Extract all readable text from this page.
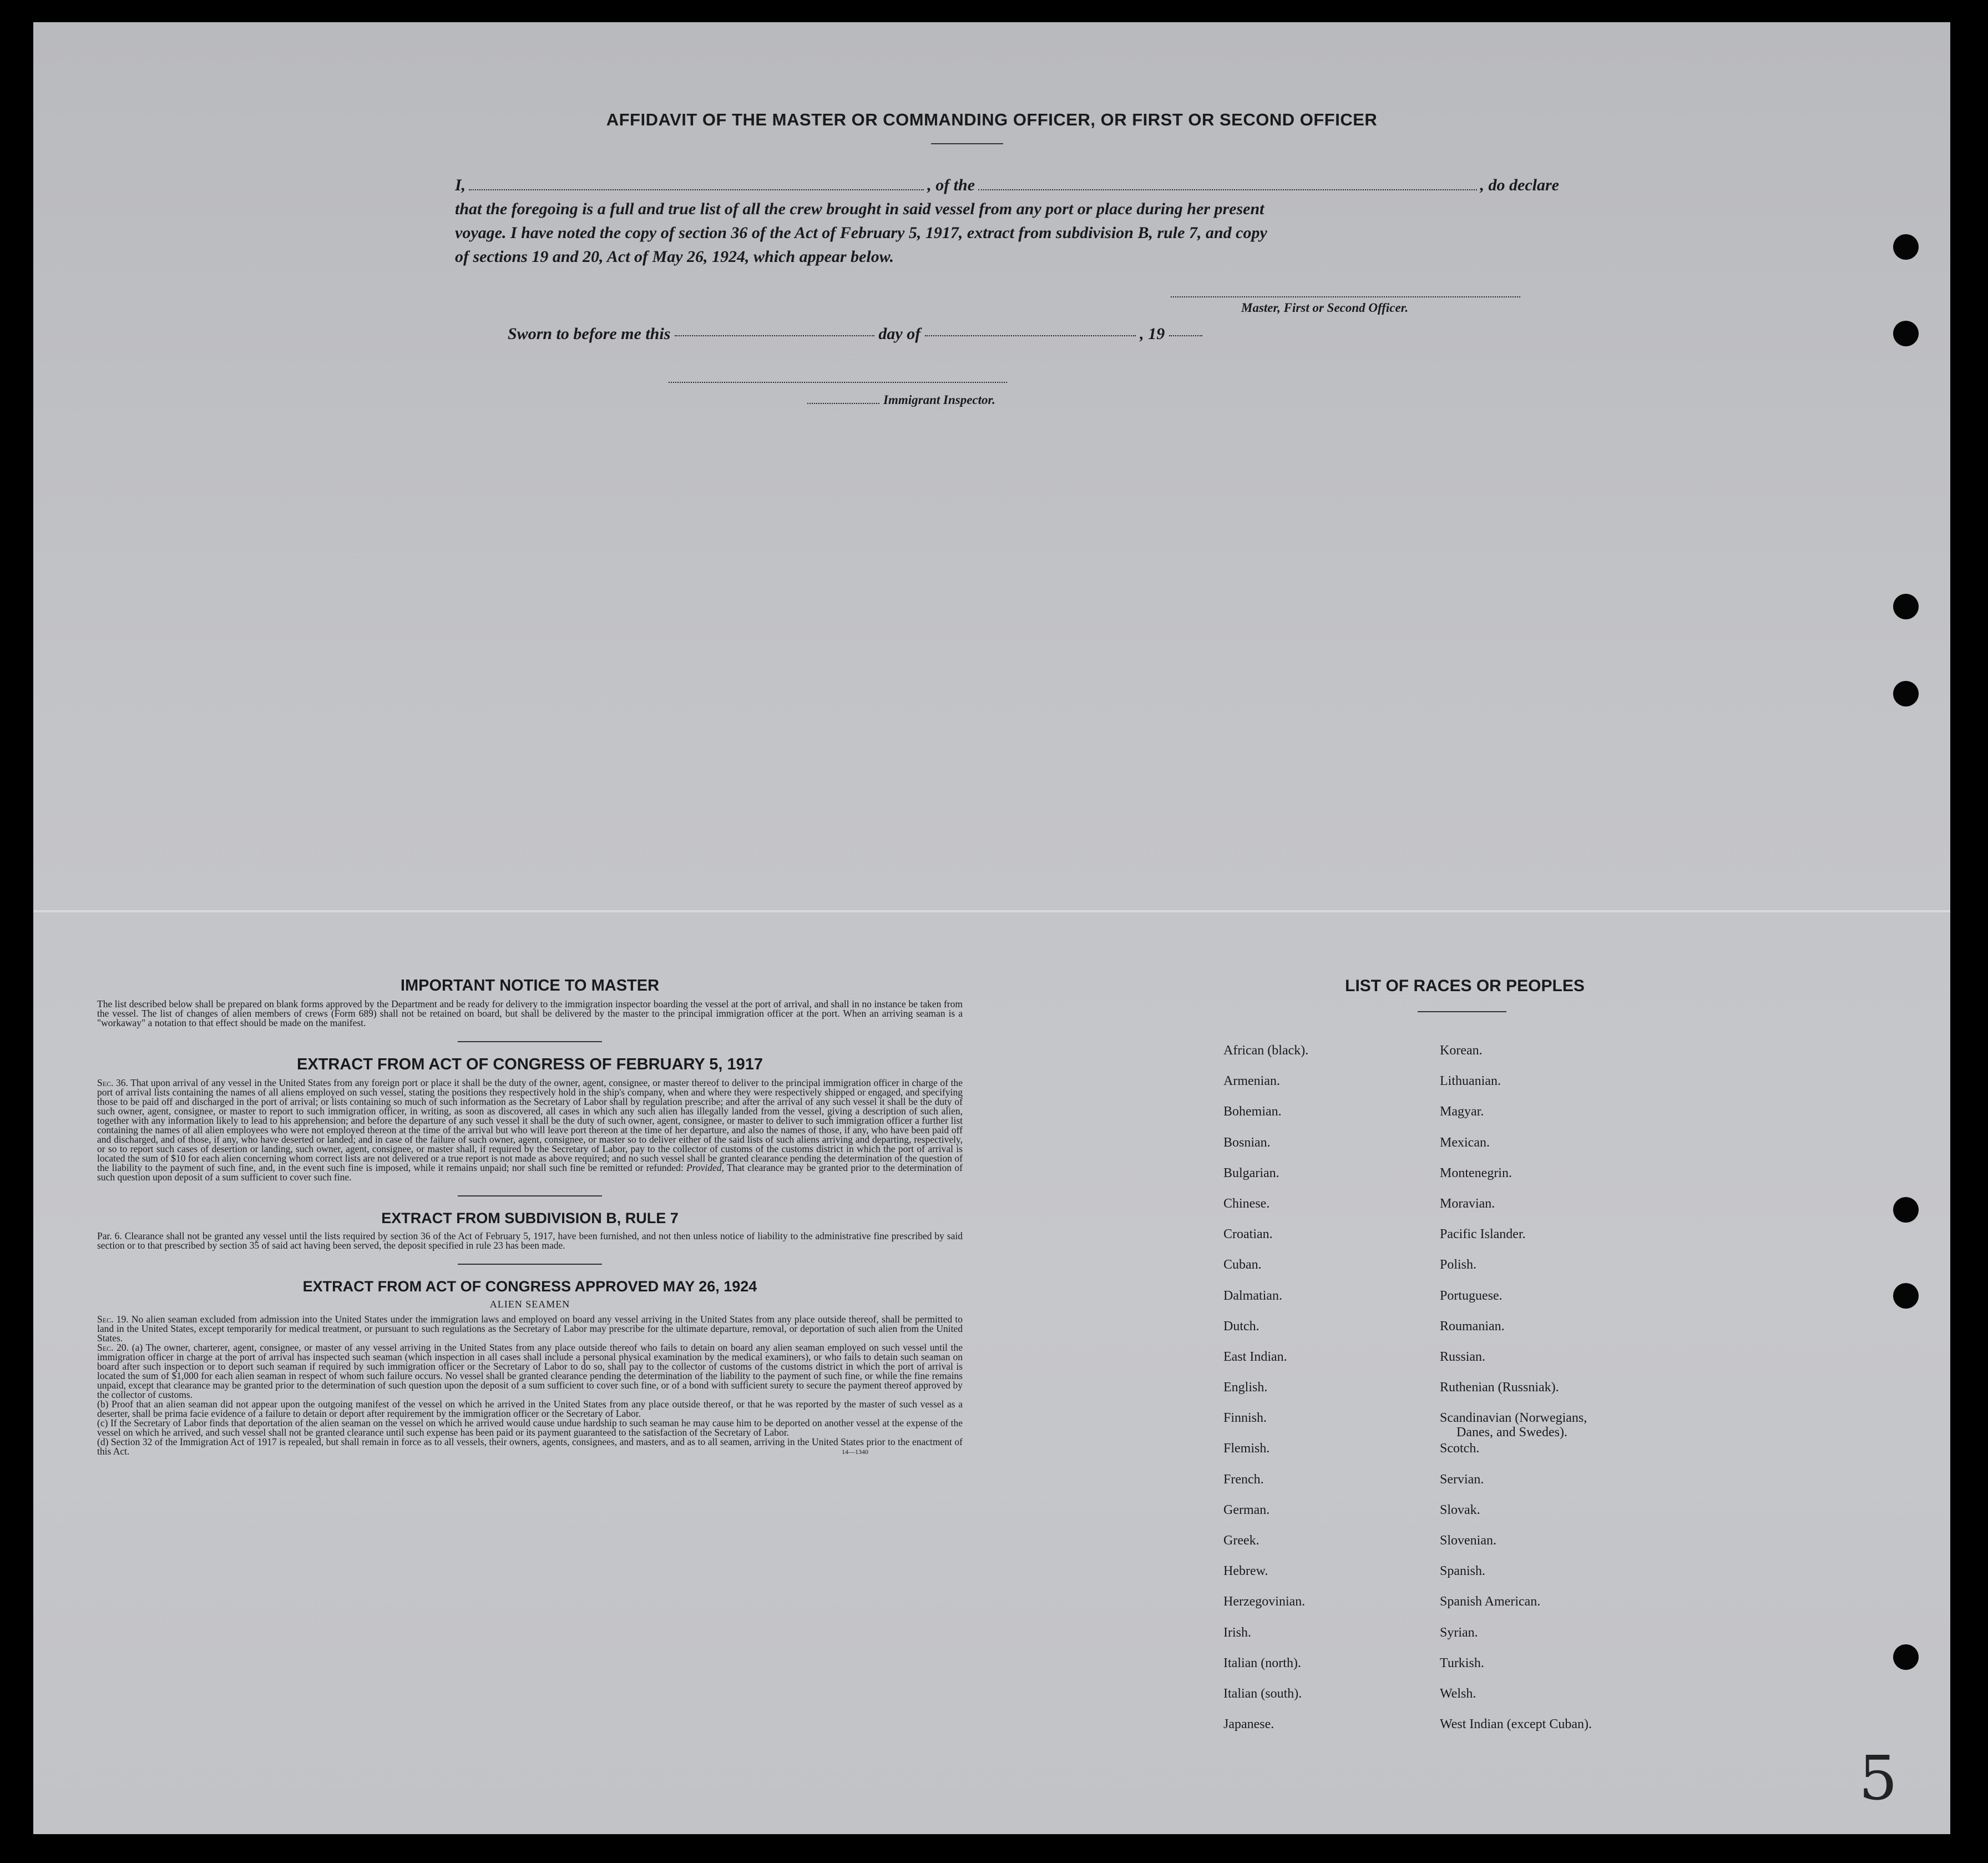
AFFIDAVIT OF THE MASTER OR COMMANDING OFFICER, OR FIRST OR SECOND OFFICER
I,	, of the	, do declare
that the foregoing is a full and true list of all the crew brought in said vessel from any port or place during her present
voyage. I have noted the copy of section 36 of the Act of February 5, 1917, extract from subdivision B, rule 7, and copy
of sections 19 and 20, Act of May 26, 1924, which appear below.
Master, First or Second Officer.
Sworn to before me this	day of	, 19
Immigrant Inspector.
IMPORTANT NOTICE TO MASTER

The list described below shall be prepared on blank forms approved by the Department and be ready for delivery to the immigration inspector boarding the vessel at the port of arrival, and shall in no instance be taken from the vessel. The list of changes of alien members of crews (Form 689) shall not be retained on board, but shall be delivered by the master to the principal immigration officer at the port. When an arriving seaman is a "workaway" a notation to that effect should be made on the manifest.

EXTRACT FROM ACT OF CONGRESS OF FEBRUARY 5, 1917

Sec. 36. That upon arrival of any vessel in the United States from any foreign port or place it shall be the duty of the owner, agent, consignee, or master thereof to deliver to the principal immigration officer in charge of the port of arrival lists containing the names of all aliens employed on such vessel, stating the positions they respectively hold in the ship's company, when and where they were respectively shipped or engaged, and specifying those to be paid off and discharged in the port of arrival; or lists containing so much of such information as the Secretary of Labor shall by regulation prescribe; and after the arrival of any such vessel it shall be the duty of such owner, agent, consignee, or master to report to such immigration officer, in writing, as soon as discovered, all cases in which any such alien has illegally landed from the vessel, giving a description of such alien, together with any information likely to lead to his apprehension; and before the departure of any such vessel it shall be the duty of such owner, agent, consignee, or master to deliver to such immigration officer a further list containing the names of all alien employees who were not employed thereon at the time of the arrival but who will leave port thereon at the time of her departure, and also the names of those, if any, who have been paid off and discharged, and of those, if any, who have deserted or landed; and in case of the failure of such owner, agent, consignee, or master so to deliver either of the said lists of such aliens arriving and departing, respectively, or so to report such cases of desertion or landing, such owner, agent, consignee, or master shall, if required by the Secretary of Labor, pay to the collector of customs of the customs district in which the port of arrival is located the sum of $10 for each alien concerning whom correct lists are not delivered or a true report is not made as above required; and no such vessel shall be granted clearance pending the determination of the question of the liability to the payment of such fine, and, in the event such fine is imposed, while it remains unpaid; nor shall such fine be remitted or refunded: Provided, That clearance may be granted prior to the determination of such question upon deposit of a sum sufficient to cover such fine.

EXTRACT FROM SUBDIVISION B, RULE 7

Par. 6. Clearance shall not be granted any vessel until the lists required by section 36 of the Act of February 5, 1917, have been furnished, and not then unless notice of liability to the administrative fine prescribed by said section or to that prescribed by section 35 of said act having been served, the deposit specified in rule 23 has been made.

EXTRACT FROM ACT OF CONGRESS APPROVED MAY 26, 1924
ALIEN SEAMEN

Sec. 19. No alien seaman excluded from admission into the United States under the immigration laws and employed on board any vessel arriving in the United States from any place outside thereof, shall be permitted to land in the United States, except temporarily for medical treatment, or pursuant to such regulations as the Secretary of Labor may prescribe for the ultimate departure, removal, or deportation of such alien from the United States.

Sec. 20. (a) The owner, charterer, agent, consignee, or master of any vessel arriving in the United States from any place outside thereof who fails to detain on board any alien seaman employed on such vessel until the immigration officer in charge at the port of arrival has inspected such seaman (which inspection in all cases shall include a personal physical examination by the medical examiners), or who fails to detain such seaman on board after such inspection or to deport such seaman if required by such immigration officer or the Secretary of Labor to do so, shall pay to the collector of customs of the customs district in which the port of arrival is located the sum of $1,000 for each alien seaman in respect of whom such failure occurs. No vessel shall be granted clearance pending the determination of the liability to the payment of such fine, or while the fine remains unpaid, except that clearance may be granted prior to the determination of such question upon the deposit of a sum sufficient to cover such fine, or of a bond with sufficient surety to secure the payment thereof approved by the collector of customs.

(b) Proof that an alien seaman did not appear upon the outgoing manifest of the vessel on which he arrived in the United States from any place outside thereof, or that he was reported by the master of such vessel as a deserter, shall be prima facie evidence of a failure to detain or deport after requirement by the immigration officer or the Secretary of Labor.

(c) If the Secretary of Labor finds that deportation of the alien seaman on the vessel on which he arrived would cause undue hardship to such seaman he may cause him to be deported on another vessel at the expense of the vessel on which he arrived, and such vessel shall not be granted clearance until such expense has been paid or its payment guaranteed to the satisfaction of the Secretary of Labor.

(d) Section 32 of the Immigration Act of 1917 is repealed, but shall remain in force as to all vessels, their owners, agents, consignees, and masters, and as to all seamen, arriving in the United States prior to the enactment of this Act.	14—1340
LIST OF RACES OR PEOPLES
African (black).	Korean.
Armenian.	Lithuanian.
Bohemian.	Magyar.
Bosnian.	Mexican.
Bulgarian.	Montenegrin.
Chinese.	Moravian.
Croatian.	Pacific Islander.
Cuban.	Polish.
Dalmatian.	Portuguese.
Dutch.	Roumanian.
East Indian.	Russian.
English.	Ruthenian (Russniak).
Finnish.	Scandinavian (Norwegians,
Danes, and Swedes).
Flemish.	Scotch.
French.	Servian.
German.	Slovak.
Greek.	Slovenian.
Hebrew.	Spanish.
Herzegovinian.	Spanish American.
Irish.	Syrian.
Italian (north).	Turkish.
Italian (south).	Welsh.
Japanese.	West Indian (except Cuban).
5
